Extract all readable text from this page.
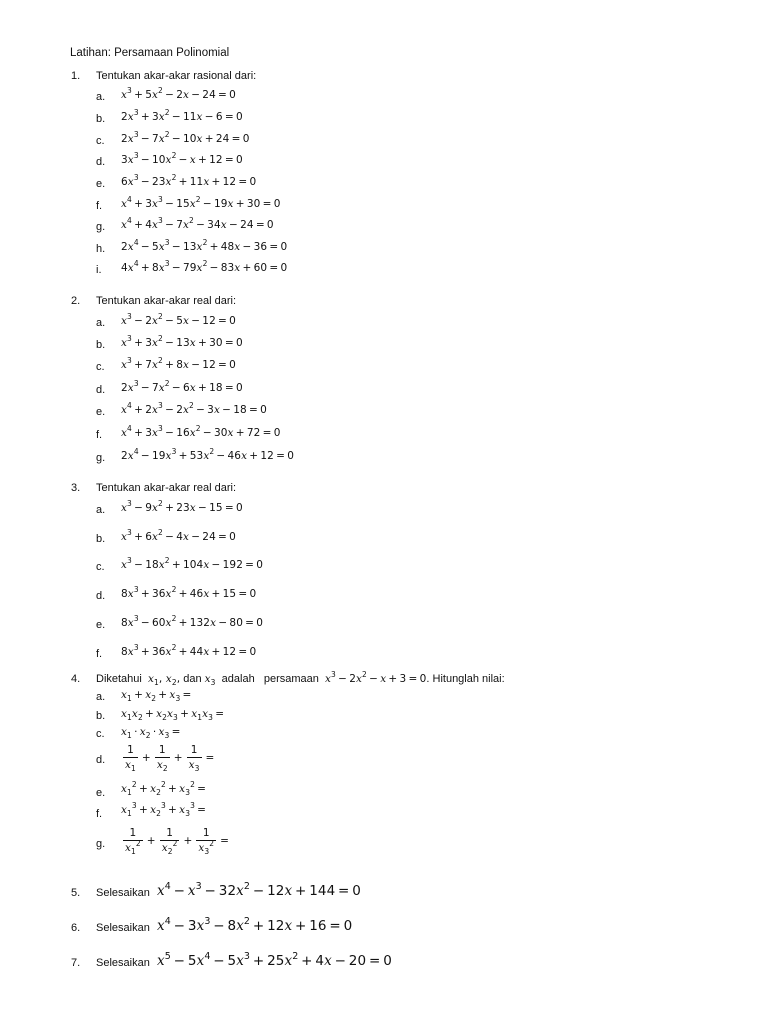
Latihan: Persamaan Polinomial
1. Tentukan akar-akar rasional dari:
a. $x^3 + 5x^2 - 2x - 24 = 0$
b. $2x^3 + 3x^2 - 11x - 6 = 0$
c. $2x^3 - 7x^2 - 10x + 24 = 0$
d. $3x^3 - 10x^2 - x + 12 = 0$
e. $6x^3 - 23x^2 + 11x + 12 = 0$
f. $x^4 + 3x^3 - 15x^2 - 19x + 30 = 0$
g. $x^4 + 4x^3 - 7x^2 - 34x - 24 = 0$
h. $2x^4 - 5x^3 - 13x^2 + 48x - 36 = 0$
i. $4x^4 + 8x^3 - 79x^2 - 83x + 60 = 0$
2. Tentukan akar-akar real dari:
a. $x^3 - 2x^2 - 5x - 12 = 0$
b. $x^3 + 3x^2 - 13x + 30 = 0$
c. $x^3 + 7x^2 + 8x - 12 = 0$
d. $2x^3 - 7x^2 - 6x + 18 = 0$
e. $x^4 + 2x^3 - 2x^2 - 3x - 18 = 0$
f. $x^4 + 3x^3 - 16x^2 - 30x + 72 = 0$
g. $2x^4 - 19x^3 + 53x^2 - 46x + 12 = 0$
3. Tentukan akar-akar real dari:
a. $x^3 - 9x^2 + 23x - 15 = 0$
b. $x^3 + 6x^2 - 4x - 24 = 0$
c. $x^3 - 18x^2 + 104x - 192 = 0$
d. $8x^3 + 36x^2 + 46x + 15 = 0$
e. $8x^3 - 60x^2 + 132x - 80 = 0$
f. $8x^3 + 36x^2 + 44x + 12 = 0$
4. Diketahui $x_1$, $x_2$, dan $x_3$ adalah   persamaan $x^3 - 2x^2 - x + 3 = 0$. Hitunglah nilai:
a. $x_1 + x_2 + x_3$ = 
b. $x_1x_2 + x_2x_3 + x_1x_3$ = 
c. $x_1 \cdot x_2 \cdot x_3$ = 
d. $\frac{1}{x_1} + \frac{1}{x_2} + \frac{1}{x_3}$ =
e. $x_1^2 + x_2^2 + x_3^2$ = 
f. $x_1^3 + x_2^3 + x_3^3$ = 
g. $\frac{1}{x_1^2} + \frac{1}{x_2^2} + \frac{1}{x_3^2}$ =
5. Selesaikan $x^4 - x^3 - 32x^2 - 12x + 144 = 0$
6. Selesaikan $x^4 - 3x^3 - 8x^2 + 12x + 16 = 0$
7. Selesaikan $x^5 - 5x^4 - 5x^3 + 25x^2 + 4x - 20 = 0$
